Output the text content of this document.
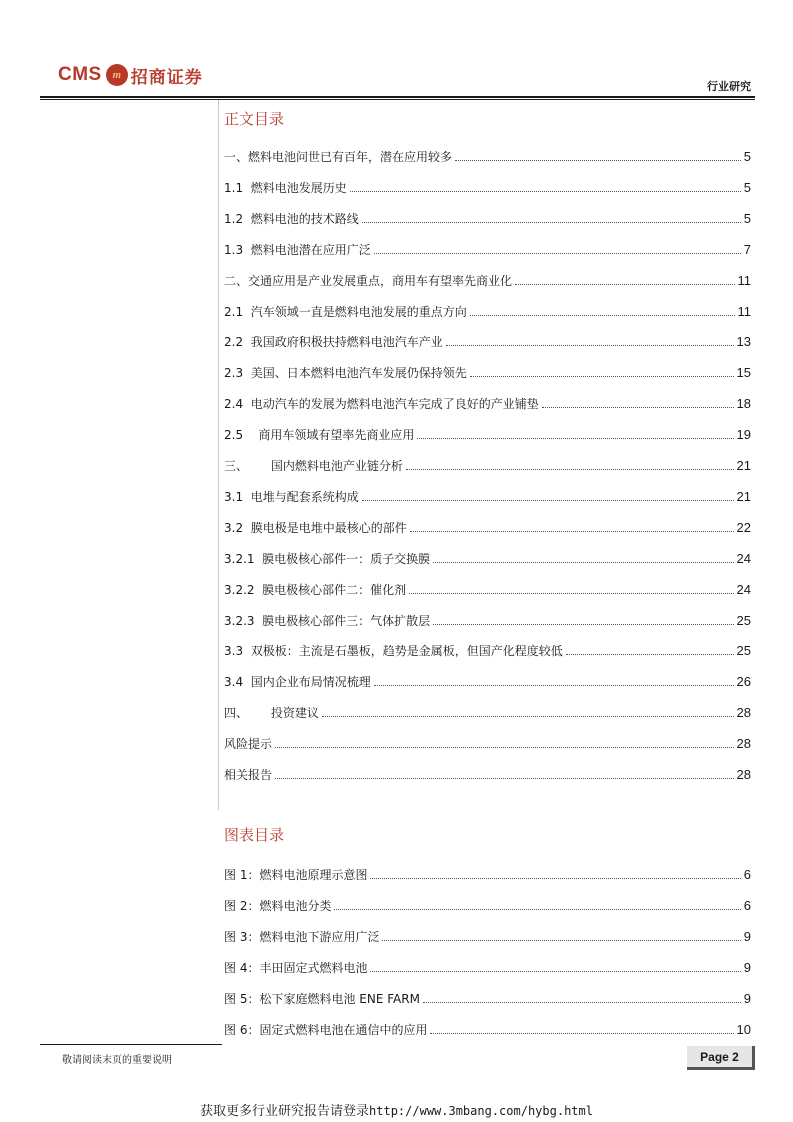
CMS m 招商证券	行业研究
正文目录
一、燃料电池问世已有百年，潜在应用较多	5
1.1  燃料电池发展历史	5
1.2  燃料电池的技术路线	5
1.3  燃料电池潜在应用广泛	7
二、交通应用是产业发展重点，商用车有望率先商业化	11
2.1  汽车领域一直是燃料电池发展的重点方向	11
2.2  我国政府积极扶持燃料电池汽车产业	13
2.3  美国、日本燃料电池汽车发展仍保持领先	15
2.4  电动汽车的发展为燃料电池汽车完成了良好的产业铺垫	18
2.5    商用车领域有望率先商业应用	19
三、      国内燃料电池产业链分析	21
3.1  电堆与配套系统构成	21
3.2  膜电极是电堆中最核心的部件	22
3.2.1  膜电极核心部件一：质子交换膜	24
3.2.2  膜电极核心部件二：催化剂	24
3.2.3  膜电极核心部件三：气体扩散层	25
3.3  双极板：主流是石墨板，趋势是金属板，但国产化程度较低	25
3.4  国内企业布局情况梳理	26
四、      投资建议	28
风险提示	28
相关报告	28
图表目录
图 1：燃料电池原理示意图	6
图 2：燃料电池分类	6
图 3：燃料电池下游应用广泛	9
图 4：丰田固定式燃料电池	9
图 5：松下家庭燃料电池 ENE FARM	9
图 6：固定式燃料电池在通信中的应用	10
敬请阅读末页的重要说明	Page 2
获取更多行业研究报告请登录http://www.3mbang.com/hybg.html
